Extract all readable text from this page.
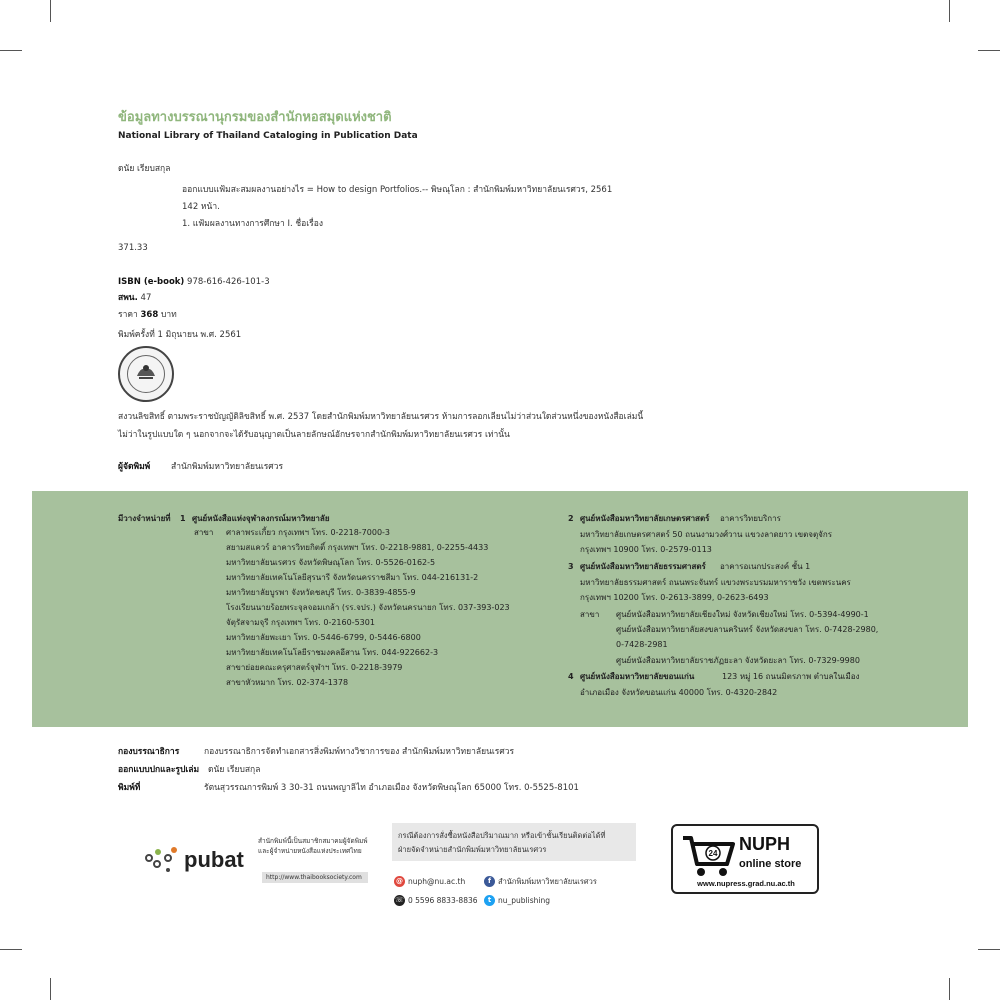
ข้อมูลทางบรรณานุกรมของสำนักหอสมุดแห่งชาติ
National Library of Thailand Cataloging in Publication Data
ดนัย เรียบสกุล
ออกแบบแฟ้มสะสมผลงานอย่างไร = How to design Portfolios.-- พิษณุโลก : สำนักพิมพ์มหาวิทยาลัยนเรศวร, 2561
142 หน้า.
1. แฟ้มผลงานทางการศึกษา I. ชื่อเรื่อง
371.33
ISBN (e-book) 978-616-426-101-3
สพน. 47
ราคา 368 บาท
พิมพ์ครั้งที่ 1 มิถุนายน พ.ศ. 2561
สงวนลิขสิทธิ์ ตามพระราชบัญญัติลิขสิทธิ์ พ.ศ. 2537 โดยสำนักพิมพ์มหาวิทยาลัยนเรศวร ห้ามการลอกเลียนไม่ว่าส่วนใดส่วนหนึ่งของหนังสือเล่มนี้
ไม่ว่าในรูปแบบใด ๆ นอกจากจะได้รับอนุญาตเป็นลายลักษณ์อักษรจากสำนักพิมพ์มหาวิทยาลัยนเรศวร เท่านั้น
ผู้จัดพิมพ์ สำนักพิมพ์มหาวิทยาลัยนเรศวร
มีวางจำหน่ายที่ 1 ศูนย์หนังสือแห่งจุฬาลงกรณ์มหาวิทยาลัย
สาขา ศาลาพระเกี้ยว กรุงเทพฯ โทร. 0-2218-7000-3
สยามสแควร์ อาคารวิทยกิตติ์ กรุงเทพฯ โทร. 0-2218-9881, 0-2255-4433
มหาวิทยาลัยนเรศวร จังหวัดพิษณุโลก โทร. 0-5526-0162-5
มหาวิทยาลัยเทคโนโลยีสุรนารี จังหวัดนครราชสีมา โทร. 044-216131-2
มหาวิทยาลัยบูรพา จังหวัดชลบุรี โทร. 0-3839-4855-9
โรงเรียนนายร้อยพระจุลจอมเกล้า (รร.จปร.) จังหวัดนครนายก โทร. 037-393-023
จัตุรัสจามจุรี กรุงเทพฯ โทร. 0-2160-5301
มหาวิทยาลัยพะเยา โทร. 0-5446-6799, 0-5446-6800
มหาวิทยาลัยเทคโนโลยีราชมงคลอีสาน โทร. 044-922662-3
สาขาย่อยคณะครุศาสตร์จุฬาฯ โทร. 0-2218-3979
สาขาหัวหมาก โทร. 02-374-1378
2 ศูนย์หนังสือมหาวิทยาลัยเกษตรศาสตร์ อาคารวิทยบริการ
มหาวิทยาลัยเกษตรศาสตร์ 50 ถนนงามวงศ์วาน แขวงลาดยาว เขตจตุจักร
กรุงเทพฯ 10900 โทร. 0-2579-0113
3 ศูนย์หนังสือมหาวิทยาลัยธรรมศาสตร์ อาคารอเนกประสงค์ ชั้น 1
มหาวิทยาลัยธรรมศาสตร์ ถนนพระจันทร์ แขวงพระบรมมหาราชวัง เขตพระนคร
กรุงเทพฯ 10200 โทร. 0-2613-3899, 0-2623-6493
สาขา ศูนย์หนังสือมหาวิทยาลัยเชียงใหม่ จังหวัดเชียงใหม่ โทร. 0-5394-4990-1
ศูนย์หนังสือมหาวิทยาลัยสงขลานครินทร์ จังหวัดสงขลา โทร. 0-7428-2980,
0-7428-2981
ศูนย์หนังสือมหาวิทยาลัยราชภัฏยะลา จังหวัดยะลา โทร. 0-7329-9980
4 ศูนย์หนังสือมหาวิทยาลัยขอนแก่น	123 หมู่ 16 ถนนมิตรภาพ ตำบลในเมือง
อำเภอเมือง จังหวัดขอนแก่น 40000 โทร. 0-4320-2842
กองบรรณาธิการ	กองบรรณาธิการจัดทำเอกสารสิ่งพิมพ์ทางวิชาการของ สำนักพิมพ์มหาวิทยาลัยนเรศวร
ออกแบบปกและรูปเล่ม ดนัย เรียบสกุล
พิมพ์ที่	รัตนสุวรรณการพิมพ์ 3 30-31 ถนนพญาลิไท อำเภอเมือง จังหวัดพิษณุโลก 65000 โทร. 0-5525-8101
pubat
สำนักพิมพ์นี้เป็นสมาชิกสมาคมผู้จัดพิมพ์
และผู้จำหน่ายหนังสือแห่งประเทศไทย
http://www.thaibooksociety.com
กรณีต้องการสั่งซื้อหนังสือปริมาณมาก หรือเข้าชั้นเรียนติดต่อได้ที่
ฝ่ายจัดจำหน่ายสำนักพิมพ์มหาวิทยาลัยนเรศวร
@ nuph@nu.ac.th	f สำนักพิมพ์มหาวิทยาลัยนเรศวร
☏ 0 5596 8833-8836	t nu_publishing
24 NUPH
online store
www.nupress.grad.nu.ac.th
